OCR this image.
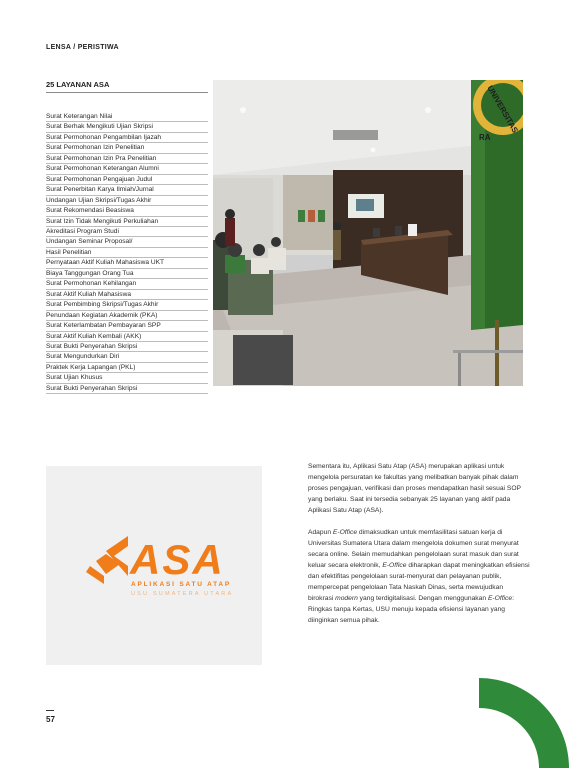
LENSA / PERISTIWA
25 LAYANAN ASA
Surat Keterangan Nilai
Surat Berhak Mengikuti Ujian Skripsi
Surat Permohonan Pengambilan Ijazah
Surat Permohonan Izin Penelitian
Surat Permohonan Izin Pra Penelitian
Surat Permohonan Keterangan Alumni
Surat Permohonan Pengajuan Judul
Surat Penerbitan Karya Ilmiah/Jurnal
Undangan Ujian Skripsi/Tugas Akhir
Surat Rekomendasi Beasiswa
Surat Izin Tidak Mengikuti Perkuliahan
Akreditasi Program Studi
Undangan Seminar Proposal/
Hasil Penelitian
Pernyataan Aktif Kuliah Mahasiswa UKT
Biaya Tanggungan Orang Tua
Surat Permohonan Kehilangan
Surat Aktif Kuliah Mahasiswa
Surat Pembimbing Skripsi/Tugas Akhir
Penundaan Kegiatan Akademik (PKA)
Surat Keterlambatan Pembayaran SPP
Surat Aktif Kuliah Kembali (AKK)
Surat Bukti Penyerahan Skripsi
Surat Mengundurkan Diri
Praktek Kerja Lapangan (PKL)
Surat Ujian Khusus
Surat Bukti Penyerahan Skripsi
UNIVERSITAS
RA
ASA
APLIKASI SATU ATAP
USU SUMATERA UTARA

Sementara itu, Aplikasi Satu Atap (ASA) merupakan aplikasi untuk mengelola persuratan ke fakultas yang melibatkan banyak pihak dalam proses pengajuan, verifikasi dan proses mendapatkan hasil sesuai SOP yang berlaku. Saat ini tersedia sebanyak 25 layanan yang aktif pada Aplikasi Satu Atap (ASA).

Adapun E-Office dimaksudkan untuk memfasilitasi satuan kerja di Universitas Sumatera Utara dalam mengelola dokumen surat menyurat secara online. Selain memudahkan pengelolaan surat masuk dan surat keluar secara elektronik, E-Office diharapkan dapat meningkatkan efisiensi dan efektifitas pengelolaan surat-menyurat dan pelayanan publik, mempercepat pengelolaan Tata Naskah Dinas, serta mewujudkan birokrasi modern yang terdigitalisasi. Dengan menggunakan E-Office: Ringkas tanpa Kertas, USU menuju kepada efisiensi layanan yang diinginkan semua pihak.

57
